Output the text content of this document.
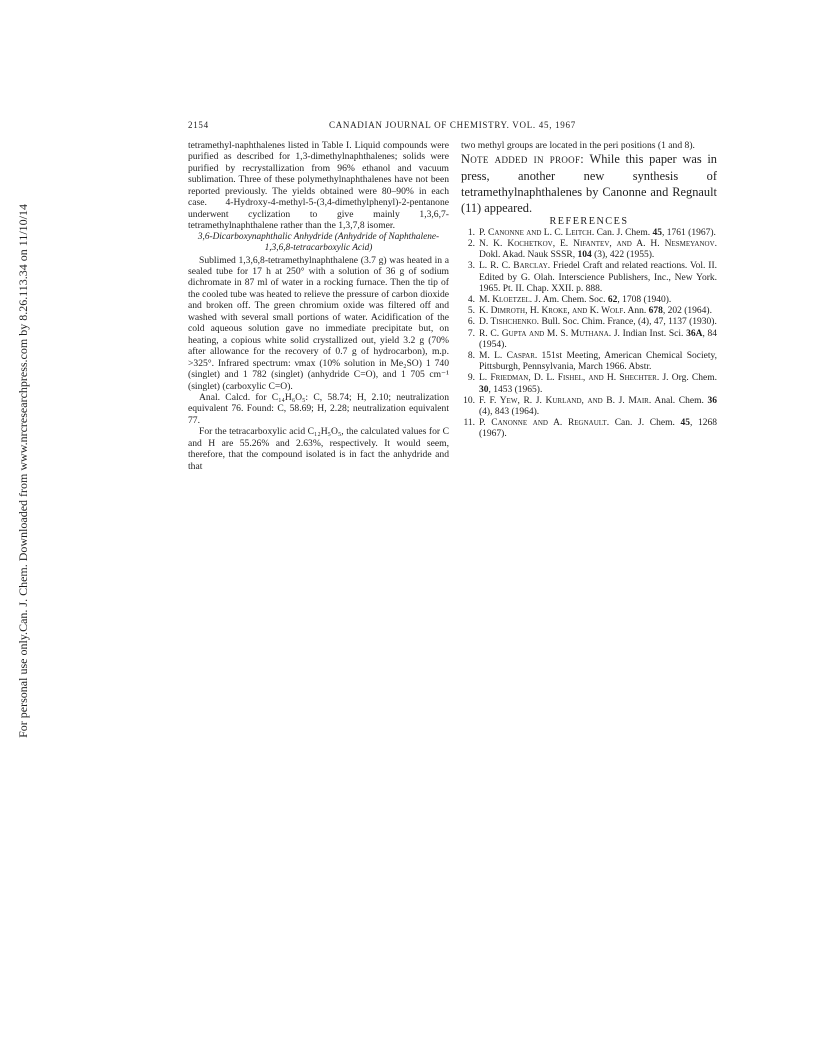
Can. J. Chem. Downloaded from www.nrcresearchpress.com by 8.26.113.34 on 11/10/14
For personal use only.
2154	CANADIAN JOURNAL OF CHEMISTRY. VOL. 45, 1967

tetramethyl-naphthalenes listed in Table I. Liquid compounds were purified as described for 1,3-dimethylnaphthalenes; solids were purified by recrystallization from 96% ethanol and vacuum sublimation. Three of these polymethylnaphthalenes have not been reported previously. The yields obtained were 80–90% in each case. 4-Hydroxy-4-methyl-5-(3,4-dimethylphenyl)-2-pentanone underwent cyclization to give mainly 1,3,6,7-tetramethylnaphthalene rather than the 1,3,7,8 isomer.

3,6-Dicarboxynaphthalic Anhydride (Anhydride of Naphthalene-1,3,6,8-tetracarboxylic Acid)

Sublimed 1,3,6,8-tetramethylnaphthalene (3.7 g) was heated in a sealed tube for 17 h at 250° with a solution of 36 g of sodium dichromate in 87 ml of water in a rocking furnace. Then the tip of the cooled tube was heated to relieve the pressure of carbon dioxide and broken off. The green chromium oxide was filtered off and washed with several small portions of water. Acidification of the cold aqueous solution gave no immediate precipitate but, on heating, a copious white solid crystallized out, yield 3.2 g (70% after allowance for the recovery of 0.7 g of hydrocarbon), m.p. >325°. Infrared spectrum: νmax (10% solution in Me₂SO) 1 740 (singlet) and 1 782 (singlet) (anhydride C=O), and 1 705 cm⁻¹ (singlet) (carboxylic C=O).

Anal. Calcd. for C₁₄H₆O₅: C, 58.74; H, 2.10; neutralization equivalent 76. Found: C, 58.69; H, 2.28; neutralization equivalent 77.

For the tetracarboxylic acid C₁₂H₅O₅, the calculated values for C and H are 55.26% and 2.63%, respectively. It would seem, therefore, that the compound isolated is in fact the anhydride and that

two methyl groups are located in the peri positions (1 and 8).

Note added in proof: While this paper was in press, another new synthesis of tetramethylnaphthalenes by Canonne and Regnault (11) appeared.

REFERENCES

1. P. Canonne and L. C. Leitch. Can. J. Chem. 45, 1761 (1967).
2. N. K. Kochetkov, E. Nifantev, and A. H. Nesmeyanov. Dokl. Akad. Nauk SSSR, 104 (3), 422 (1955).
3. L. R. C. Barclay. Friedel Craft and related reactions. Vol. II. Edited by G. Olah. Interscience Publishers, Inc., New York. 1965. Pt. II. Chap. XXII. p. 888.
4. M. Kloetzel. J. Am. Chem. Soc. 62, 1708 (1940).
5. K. Dimroth, H. Kroke, and K. Wolf. Ann. 678, 202 (1964).
6. D. Tishchenko. Bull. Soc. Chim. France, (4), 47, 1137 (1930).
7. R. C. Gupta and M. S. Muthana. J. Indian Inst. Sci. 36A, 84 (1954).
8. M. L. Caspar. 151st Meeting, American Chemical Society, Pittsburgh, Pennsylvania, March 1966. Abstr.
9. L. Friedman, D. L. Fishel, and H. Shechter. J. Org. Chem. 30, 1453 (1965).
10. F. F. Yew, R. J. Kurland, and B. J. Mair. Anal. Chem. 36 (4), 843 (1964).
11. P. Canonne and A. Regnault. Can. J. Chem. 45, 1268 (1967).
